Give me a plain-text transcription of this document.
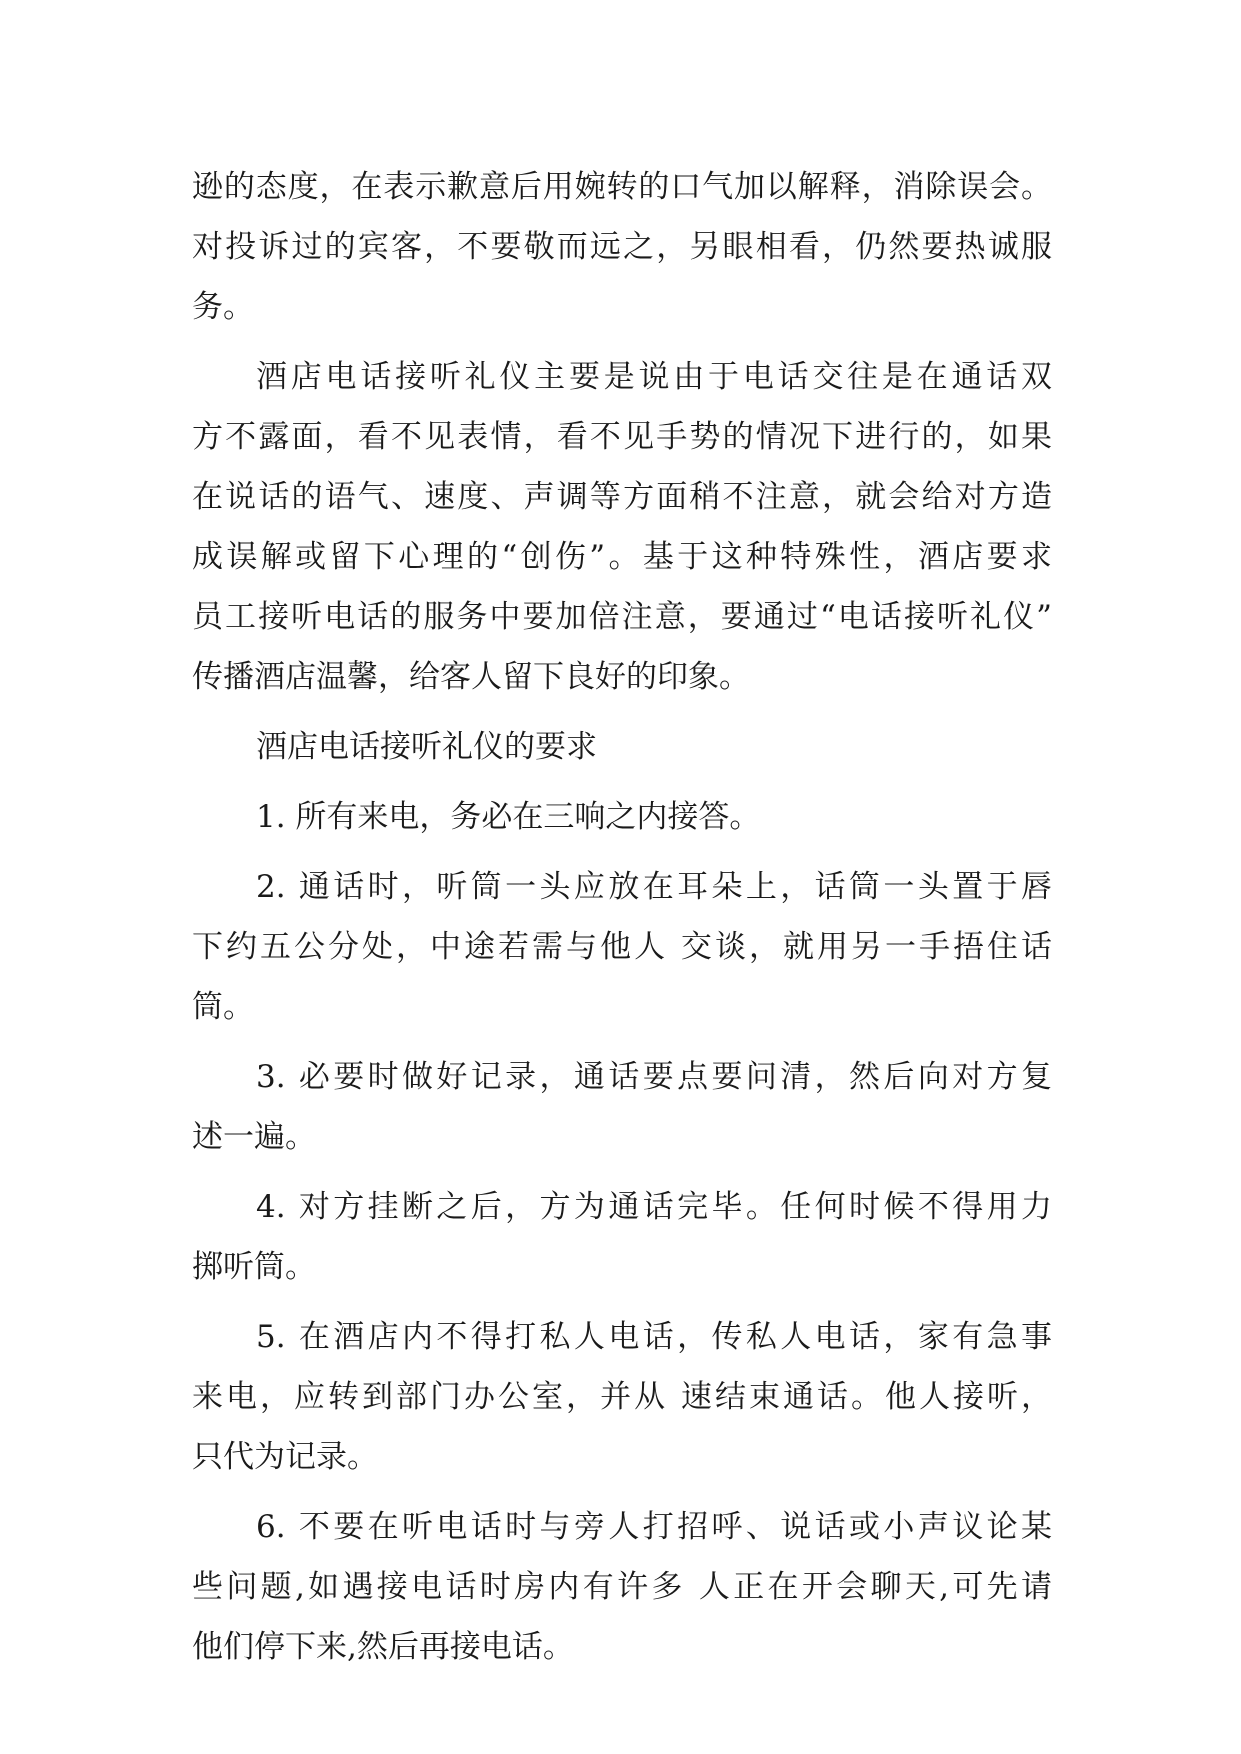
逊的态度，在表示歉意后用婉转的口气加以解释，消除误会。
对投诉过的宾客，不要敬而远之，另眼相看，仍然要热诚服
务。
酒店电话接听礼仪主要是说由于电话交往是在通话双
方不露面，看不见表情，看不见手势的情况下进行的，如果
在说话的语气、速度、声调等方面稍不注意，就会给对方造
成误解或留下心理的“创伤”。基于这种特殊性，酒店要求
员工接听电话的服务中要加倍注意，要通过“电话接听礼仪”
传播酒店温馨，给客人留下良好的印象。
酒店电话接听礼仪的要求
1. 所有来电，务必在三响之内接答。
2. 通话时，听筒一头应放在耳朵上，话筒一头置于唇
下约五公分处，中途若需与他人 交谈，就用另一手捂住话
筒。
3. 必要时做好记录，通话要点要问清，然后向对方复
述一遍。
4. 对方挂断之后，方为通话完毕。任何时候不得用力
掷听筒。
5. 在酒店内不得打私人电话，传私人电话，家有急事
来电，应转到部门办公室，并从 速结束通话。他人接听，
只代为记录。
6. 不要在听电话时与旁人打招呼、说话或小声议论某
些问题,如遇接电话时房内有许多 人正在开会聊天,可先请
他们停下来,然后再接电话。
